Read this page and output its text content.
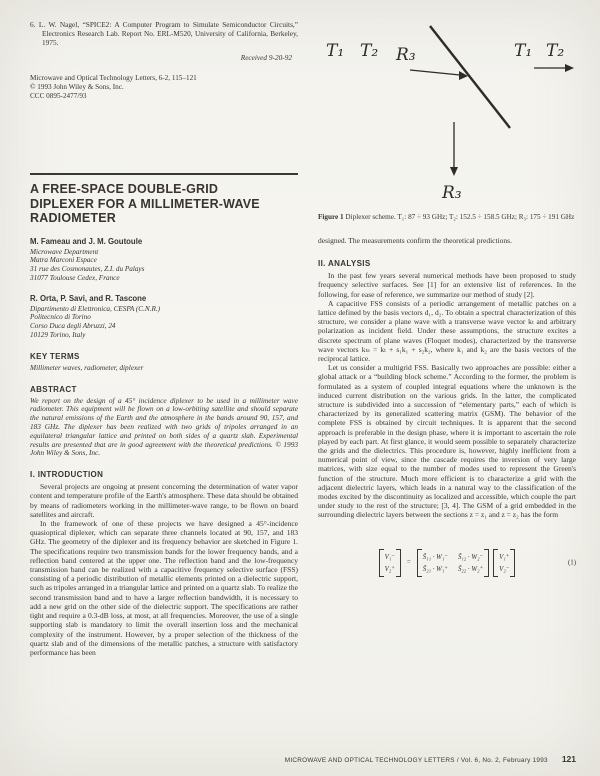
6. L. W. Nagel, “SPICE2: A Computer Program to Simulate Semiconductor Circuits,” Electronics Research Lab. Report No. ERL-M520, University of California, Berkeley, 1975.

Received 9-20-92

Microwave and Optical Technology Letters, 6-2, 115–121

© 1993 John Wiley & Sons, Inc.

CCC 0895-2477/93

A FREE-SPACE DOUBLE-GRID
DIPLEXER FOR A MILLIMETER-WAVE
RADIOMETER

M. Fameau and J. M. Goutoule

Microwave Department

Matra Marconi Espace

31 rue des Cosmonautes, Z.I. du Palays

31077 Toulouse Cedex, France

R. Orta, P. Savi, and R. Tascone

Dipartimento di Elettronica, CESPA (C.N.R.)

Politecnico di Torino

Corso Duca degli Abruzzi, 24

10129 Torino, Italy

KEY TERMS

Millimeter waves, radiometer, diplexer

ABSTRACT

We report on the design of a 45° incidence diplexer to be used in a millimeter wave radiometer. This equipment will be flown on a low-orbiting satellite and should separate the natural emissions of the Earth and the atmosphere in the bands around 90, 157, and 183 GHz. The diplexer has been realized with two grids of tripoles arranged in an equilateral triangular lattice and printed on both sides of a quartz slab. Experimental results are presented that are in good agreement with the theoretical predictions. © 1993 John Wiley & Sons, Inc.

I. INTRODUCTION

Several projects are ongoing at present concerning the determination of water vapor content and temperature profile of the Earth's atmosphere. These data should be obtained by means of radiometers working in the millimeter-wave range, to be flown on board satellites and aircraft.

In the framework of one of these projects we have designed a 45°-incidence quasioptical diplexer, which can separate three channels located at 90, 157, and 183 GHz. The geometry of the diplexer and its frequency behavior are sketched in Figure 1. The specifications require two transmission bands for the lower frequency bands, and a reflection band centered at the upper one. The reflection band and the low-frequency transmission band can be realized with a capacitive frequency selective surface (FSS) consisting of a periodic distribution of metallic elements printed on a dielectric support, such as tripoles arranged in a triangular lattice and printed on a quartz slab. To realize the second transmission band and to have a larger reflection bandwidth, it is necessary to add a new grid on the other side of the dielectric support. The specifications are rather tight and require a 0.3-dB loss, at most, at all frequencies. Moreover, the use of a single supporting slab is mandatory to limit the overall insertion loss and the mechanical complexity of the instrument. However, by a proper selection of the thickness of the quartz slab and of the dimensions of the metallic patches, a structure with satisfactory performance has been

T₁ T₂ R₃	T₁ T₂
R₃

Figure 1 Diplexer scheme. T₁: 87 ÷ 93 GHz; T₂: 152.5 ÷ 158.5 GHz; R₃: 175 ÷ 191 GHz

designed. The measurements confirm the theoretical predictions.

II. ANALYSIS

In the past few years several numerical methods have been proposed to study frequency selective surfaces. See [1] for an extensive list of references. In the following, for ease of reference, we summarize our method of study [2].

A capacitive FSS consists of a periodic arrangement of metallic patches on a lattice defined by the basis vectors d₁, d₂. To obtain a spectral characterization of this structure, we consider a plane wave with a transverse wave vector kₜ and arbitrary polarization as incident field. Under these assumptions, the structure excites a discrete spectrum of plane waves (Floquet modes), characterized by the transverse wave vectors kₜₛ = kₜ + s₁k₁ + s₂k₂, where k₁ and k₂ are the basis vectors of the reciprocal lattice.

Let us consider a multigrid FSS. Basically two approaches are possible: either a global attack or a “building block scheme.” According to the former, the problem is formulated as a system of coupled integral equations where the unknown is the induced current distribution on the various grids. In the latter, the complicated structure is subdivided into a succession of “elementary parts,” each of which is characterized by its generalized scattering matrix (GSM). The behavior of the complete FSS is obtained by circuit techniques. It is apparent that the second approach is preferable in the design phase, where it is important to ascertain the role played by each part. At first glance, it would seem possible to separately characterize the grids and the dielectrics. This procedure is, however, highly inefficient from a numerical point of view, since the cascade requires the inversion of very large matrices, with size equal to the number of modes used to represent the Green's function of the structure. Much more efficient is to characterize a grid with the adjacent dielectric layers, which leads in a natural way to the classification of the modes excited by the discontinuity as localized and accessible, which couple the part under study to the rest of the structure; [3, 4]. The GSM of a grid embedded in the surrounding dielectric layers between the sections z = z₁ and z = z₂ has the form

V₁⁻
V₂⁺
=
S̃₁₁ · W₁⁻ S̃₁₂ · W₂⁻
S̃₂₁ · W₁⁺ S̃₂₂ · W₂⁺
V₁⁺
V₂⁻
(1)
MICROWAVE AND OPTICAL TECHNOLOGY LETTERS / Vol. 6, No. 2, February 1993 121
